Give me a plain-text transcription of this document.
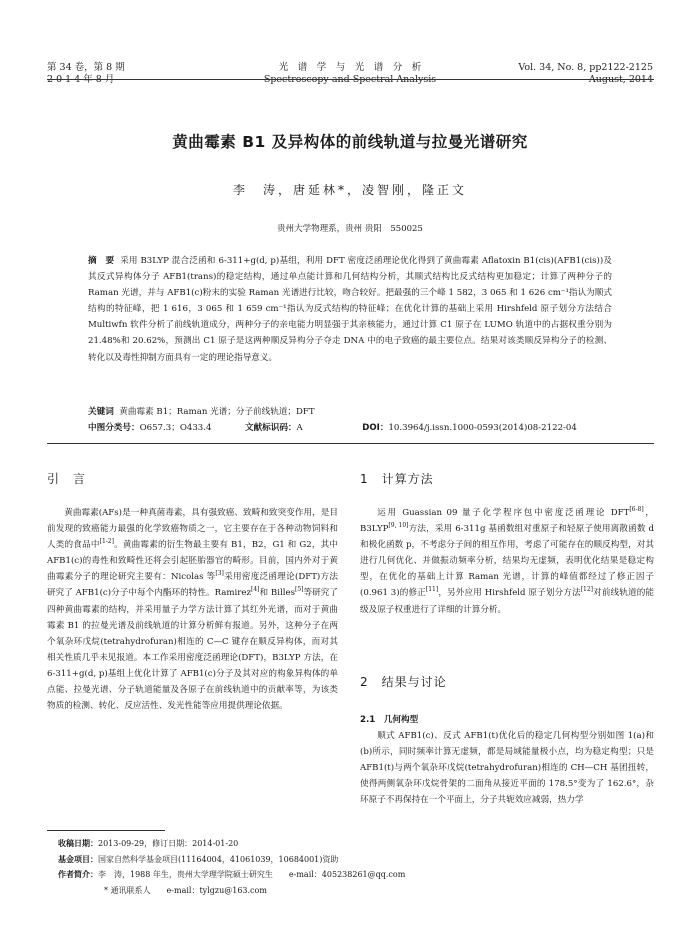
第 34 卷，第 8 期
2 0 1 4 年 8 月
光　谱　学　与　光　谱　分　析
Spectroscopy and Spectral Analysis
Vol. 34, No. 8, pp2122-2125
August, 2014
黄曲霉素 B1 及异构体的前线轨道与拉曼光谱研究
李　涛，唐延林*，凌智刚，隆正文
贵州大学物理系，贵州 贵阳　550025
摘　要 采用 B3LYP 混合泛函和 6-311+g(d, p)基组，利用 DFT 密度泛函理论优化得到了黄曲霉素 Aflatoxin B1(cis)(AFB1(cis))及其反式异构体分子 AFB1(trans)的稳定结构，通过单点能计算和几何结构分析，其顺式结构比反式结构更加稳定；计算了两种分子的 Raman 光谱，并与 AFB1(c)粉末的实验 Raman 光谱进行比较，吻合较好。把最强的三个峰 1 582，3 065 和 1 626 cm⁻¹指认为顺式结构的特征峰，把 1 616，3 065 和 1 659 cm⁻¹指认为反式结构的特征峰；在优化计算的基础上采用 Hirshfeld 原子划分方法结合 Multiwfn 软件分析了前线轨道成分，两种分子的亲电能力明显强于其亲核能力，通过计算 C1 原子在 LUMO 轨道中的占据权重分别为 21.48%和 20.62%，预测出 C1 原子是这两种顺反异构分子夺走 DNA 中的电子致癌的最主要位点。结果对该类顺反异构分子的检测、转化以及毒性抑制方面具有一定的理论指导意义。
关键词 黄曲霉素 B1；Raman 光谱；分子前线轨道；DFT
中图分类号：O657.3；O433.4	文献标识码：A	DOI：10.3964/j.issn.1000-0593(2014)08-2122-04
引　言

黄曲霉素(AFs)是一种真菌毒素，具有强致癌、致畸和致突变作用，是目前发现的致癌能力最强的化学致癌物质之一，它主要存在于各种动物饲料和人类的食品中[1-2]。黄曲霉素的衍生物最主要有 B1，B2，G1 和 G2，其中 AFB1(c)的毒性和致畸性还将会引起胚胎器官的畸形。目前，国内外对于黄曲霉素分子的理论研究主要有：Nicolas 等[3]采用密度泛函理论(DFT)方法研究了 AFB1(c)分子中每个内酯环的特性。Ramirez[4]和 Billes[5]等研究了四种黄曲霉素的结构，并采用量子力学方法计算了其红外光谱，而对于黄曲霉素 B1 的拉曼光谱及前线轨道的计算分析鲜有报道。另外，这种分子在两个氧杂环戊烷(tetrahydrofuran)相连的 C—C 键存在顺反异构体，而对其相关性质几乎未见报道。本工作采用密度泛函理论(DFT)，B3LYP 方法，在 6-311+g(d, p)基组上优化计算了 AFB1(c)分子及其对应的构象异构体的单点能、拉曼光谱、分子轨道能量及各原子在前线轨道中的贡献率等，为该类物质的检测、转化、反应活性、发光性能等应用提供理论依据。

1　计算方法

运用 Guassian 09 量子化学程序包中密度泛函理论 DFT[6-8]，B3LYP[9, 10]方法，采用 6-311g 基函数组对重原子和轻原子使用离散函数 d 和极化函数 p，不考虑分子间的相互作用，考虑了可能存在的顺反构型，对其进行几何优化、并做振动频率分析，结果均无虚频，表明优化结果是稳定构型，在优化的基础上计算 Raman 光谱，计算的峰值都经过了修正因子(0.961 3)的修正[11]，另外应用 Hirshfeld 原子划分方法[12]对前线轨道的能级及原子权重进行了详细的计算分析。

2　结果与讨论
2.1　几何构型

顺式 AFB1(c)、反式 AFB1(t)优化后的稳定几何构型分别如图 1(a)和(b)所示，同时频率计算无虚频，都是局域能量极小点，均为稳定构型；只是 AFB1(t)与两个氧杂环戊烷(tetrahydrofuran)相连的 CH—CH 基团扭转，使得两侧氧杂环戊烷骨架的二面角从接近平面的 178.5°变为了 162.6°，杂环原子不再保持在一个平面上，分子共轭效应减弱，热力学

收稿日期：2013-09-29，修订日期：2014-01-20
基金项目：国家自然科学基金项目(11164004，41061039，10684001)资助
作者简介：李　涛，1988 年生，贵州大学理学院硕士研究生　　e-mail：405238261@qq.com
* 通讯联系人　　e-mail：tylgzu@163.com
